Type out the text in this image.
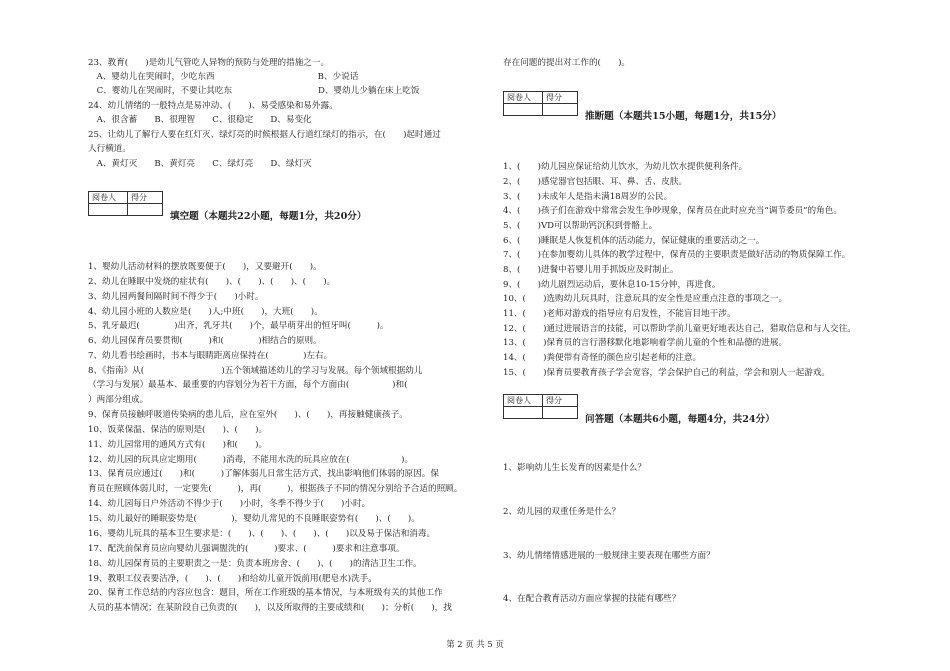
23、教育(　　)是幼儿气管吃人异物的预防与处理的措施之一。
　A、婴幼儿在哭闹时，少吃东西　　　　　　　　　　　　B、少说话
　C、婴幼儿在哭闹时，不要让其吃东　　　　　　　　　　D、婴幼儿少躺在床上吃饭
24、幼儿情绪的一般特点是易冲动、(　　)、易受感染和易外露。
　A、很含蓄　　B、很理智　　C、很稳定　　D、易变化
25、让幼儿了解行人要在红灯灭、绿灯亮的时候根据人行道红绿灯的指示，在(　　)起时通过
人行横道。
　A、黄灯灭　　B、黄灯亮　　C、绿灯亮　　D、绿灯灭
阅卷人	得分

填空题（本题共22小题，每题1分，共20分）
1、婴幼儿活动材料的摆放既要便于(　　)，又要避开(　　)。
2、幼儿在睡眠中发烧的症状有(　　)、(　　)、(　　)、(　　)。
3、幼儿园两餐间隔时间不得少于(　　)小时。
4、幼儿园小班的人数应是(　　)人;中班(　　)，大班(　　)。
5、乳牙最迟(　　　　)出齐，乳牙共(　　)个，最早萌芽出的恒牙叫(　　　)。
6、幼儿园保育员要贯彻(　　　)和(　　　　)相结合的原则。
7、幼儿看书绘画时，书本与眼睛距离应保持在(　　　　)左右。
8、《指南》从(　　　　　　　　　)五个领域描述幼儿的学习与发展。每个领域根据幼儿
（学习与发展）最基本、最重要的内容划分为若干方面，每个方面由(　　　　　)和(　　　
）两部分组成。
9、保育员接触呼吸道传染病的患儿后，应在室外(　　)、(　　)，再接触健康孩子。
10、饭菜保温、保洁的原则是(　　)、(　　)。
11、幼儿园常用的通风方式有(　　)和(　　)。
12、幼儿园的玩具应定期用(　　　)消毒，不能用水洗的玩具应放在(　　　　　　)。
13、保育员应通过(　　)和(　　　)了解体弱儿日常生活方式，找出影响他们体弱的原因。保
育员在照顾体弱儿时，一定要先(　　　)，再(　　　)，根据孩子不同的情况分别给予合适的照顾。
14、幼儿园每日户外活动不得少于(　　)小时，冬季不得少于(　　)小时。
15、幼儿最好的睡眠姿势是(　　　　)，婴幼儿常见的不良睡眠姿势有(　　)、(　　)。
16、婴幼儿玩具的基本卫生要求是：(　　)、(　　)、(　　)、(　　)以及易于保洁和消毒。
17、配洗前保育员应向婴幼儿强调盥洗的(　　　)要求、(　　　)要求和注意事项。
18、幼儿园保育员的主要职责之一是：负责本班房舍、(　　)、(　　)的清洁卫生工作。
19、教职工仪表要洁净，(　　)、(　　)和给幼儿童开饭前用(肥皂水)洗手。
20、保育工作总结的内容应包含：题目，所在工作班级的基本情况，与本班级有关的其他工作
人员的基本情况；在某阶段自己负责的(　　)，以及所取得的主要成绩和(　　)；分析(　　)，找
存在问题的提出对工作的(　　)。
阅卷人	得分

推断题（本题共15小题，每题1分，共15分）
1、(　　)幼儿园应保证给幼儿饮水，为幼儿饮水提供便利条件。
2、(　　)感觉器官包括眼、耳、鼻、舌、皮肤。
3、(　　)未成年人是指未满18周岁的公民。
4、(　　)孩子们在游戏中常常会发生争吵现象，保育员在此时应充当“调节委员”的角色。
5、(　　)VD可以帮助钙沉积到骨骼上。
6、(　　)睡眠是人恢复机体的活动能力，保证健康的重要活动之一。
7、(　　)在参加婴幼儿具体的教学过程中，保育员的主要职责是做好活动的物质保障工作。
8、(　　)进餐中若婴儿用手抓饭应及时制止。
9、(　　)幼儿剧烈运动后，要休息10-15分钟，再进食。
10、(　　)选购幼儿玩具时，注意玩具的安全性是应重点注意的事项之一。
11、(　　)老师对游戏的指导应有启发性，不能盲目地干涉。
12、(　　)通过进展语言的技能，可以帮助学前儿童更好地表达自己，猎取信息和与人交往。
13、(　　)保育员的言行潜移默化地影响着学前儿童的个性和品德的进展。
14、(　　)粪便带有奇怪的颜色应引起老师的注意。
15、(　　)保育员要教育孩子学会宽容，学会保护自己的利益，学会和别人一起游戏。
阅卷人	得分

问答题（本题共6小题，每题4分，共24分）
1、影响幼儿生长发育的因素是什么？
2、幼儿园的双重任务是什么？
3、幼儿情绪情感进展的一般规律主要表现在哪些方面？
4、在配合教育活动方面应掌握的技能有哪些？
第 2 页 共 5 页
